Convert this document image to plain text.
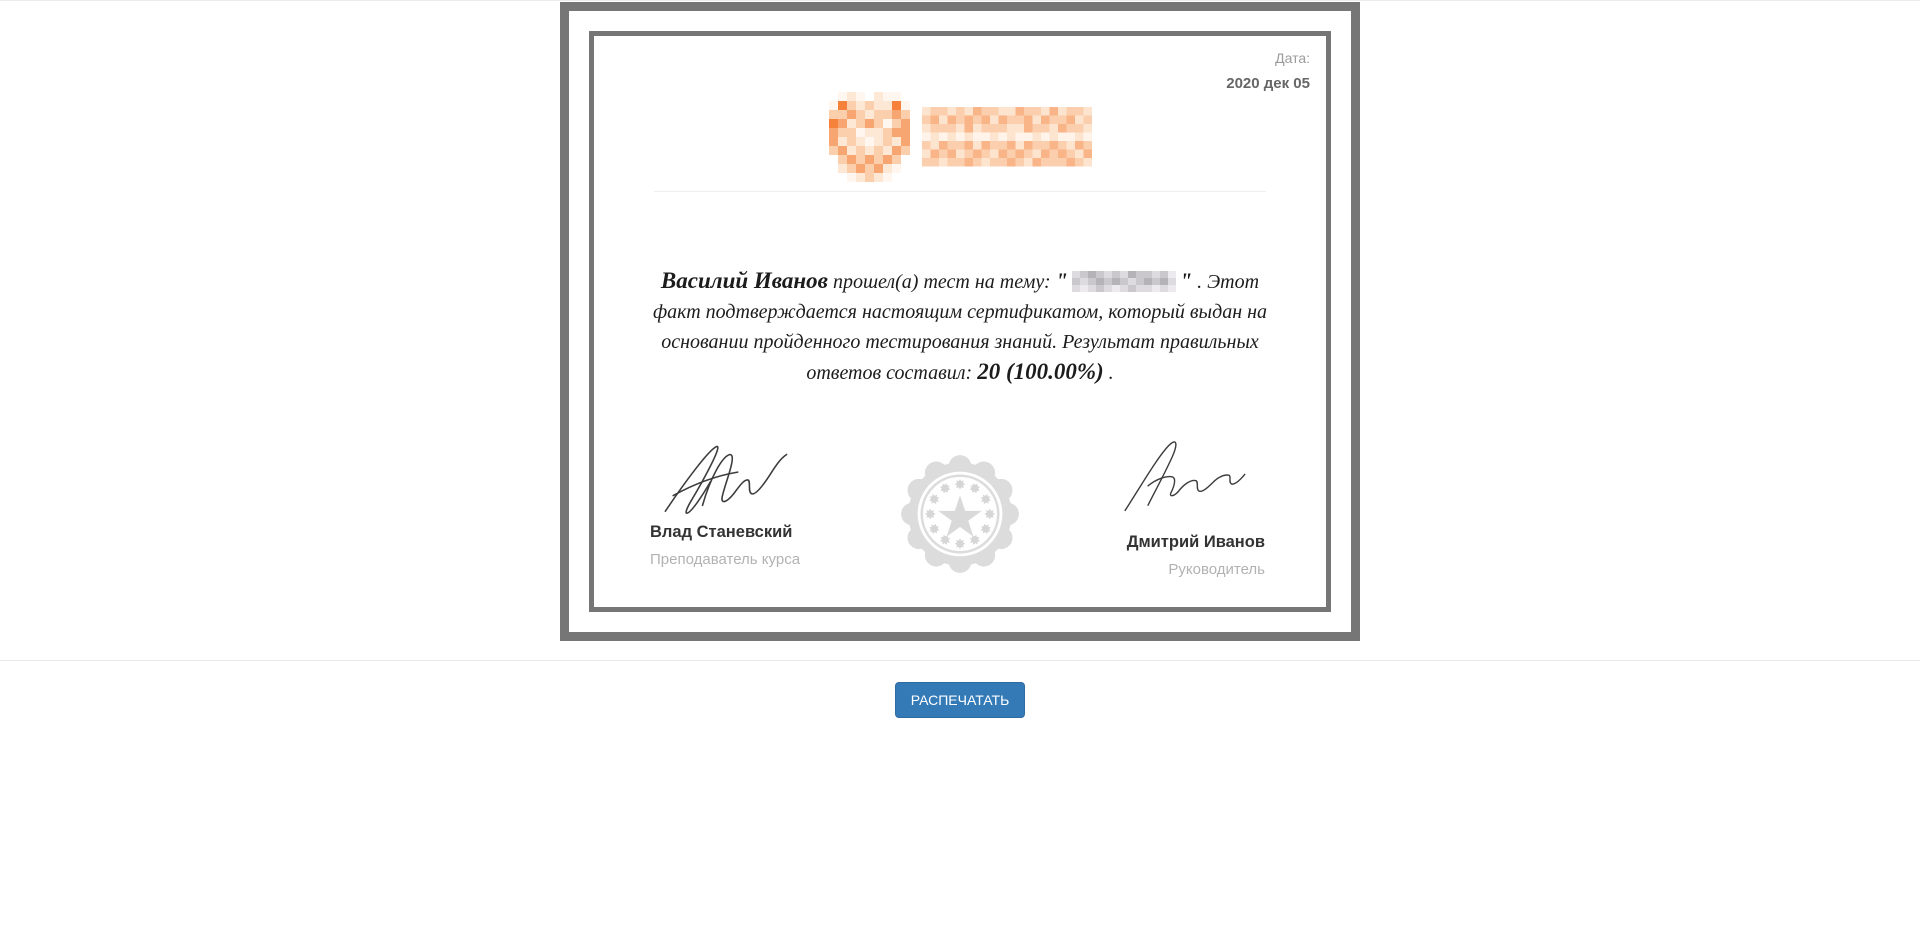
Дата:
2020 дек 05

Василий Иванов прошел(а) тест на тему: "	" . Этот факт подтверждается настоящим сертификатом, который выдан на основании пройденного тестирования знаний. Результат правильных ответов составил: 20 (100.00%) .

Влад Станевский
Преподаватель курса
Дмитрий Иванов
Руководитель
РАСПЕЧАТАТЬ
